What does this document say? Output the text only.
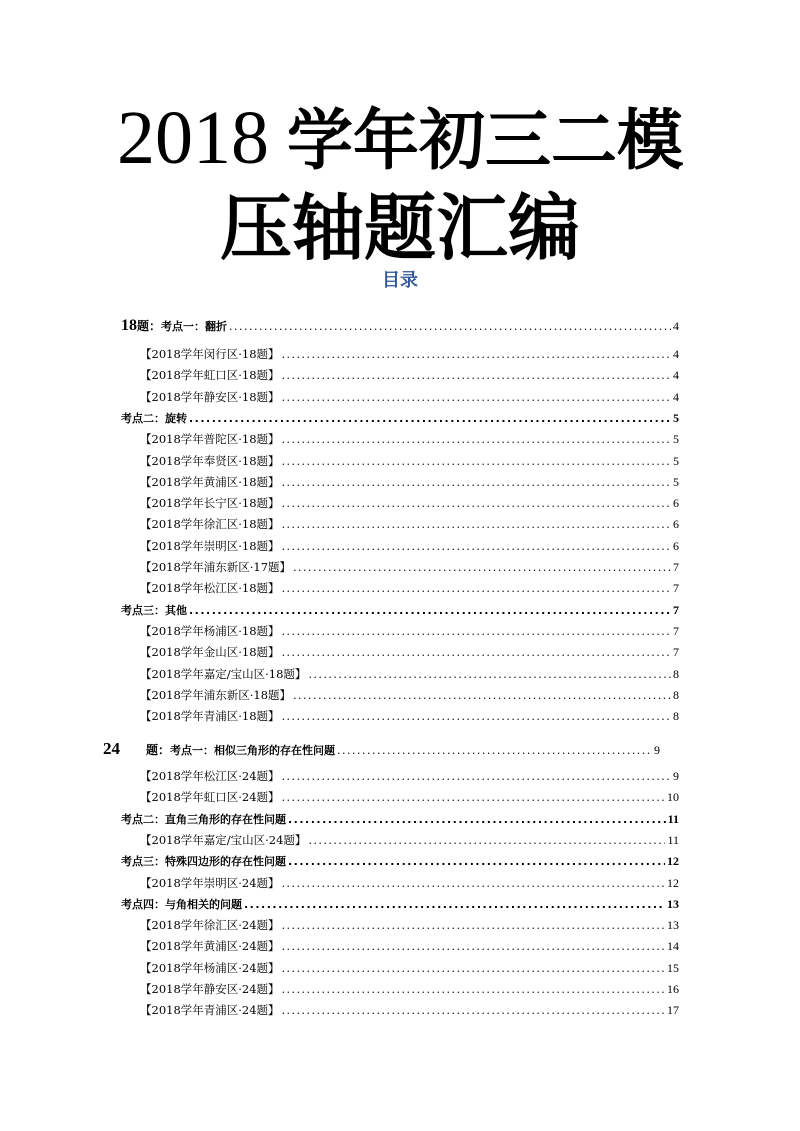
2018 学年初三二模
压轴题汇编
目录
18题：考点一：翻折 .....	4
【2018学年闵行区·18题】 .....	4
【2018学年虹口区·18题】 .....	4
【2018学年静安区·18题】 .....	4
考点二：旋转 .....	5
【2018学年普陀区·18题】 .....	5
【2018学年奉贤区·18题】 .....	5
【2018学年黄浦区·18题】 .....	5
【2018学年长宁区·18题】 .....	6
【2018学年徐汇区·18题】 .....	6
【2018学年崇明区·18题】 .....	6
【2018学年浦东新区·17题】 .....	7
【2018学年松江区·18题】 .....	7
考点三：其他 .....	7
【2018学年杨浦区·18题】 .....	7
【2018学年金山区·18题】 .....	7
【2018学年嘉定/宝山区·18题】 .....	8
【2018学年浦东新区·18题】 .....	8
【2018学年青浦区·18题】 .....	8
24 题：考点一：相似三角形的存在性问题 .....	9
【2018学年松江区·24题】 .....	9
【2018学年虹口区·24题】 .....	10
考点二：直角三角形的存在性问题 .....	11
【2018学年嘉定/宝山区·24题】 .....	11
考点三：特殊四边形的存在性问题 .....	12
【2018学年崇明区·24题】 .....	12
考点四：与角相关的问题 .....	13
【2018学年徐汇区·24题】 .....	13
【2018学年黄浦区·24题】 .....	14
【2018学年杨浦区·24题】 .....	15
【2018学年静安区·24题】 .....	16
【2018学年青浦区·24题】 .....	17
